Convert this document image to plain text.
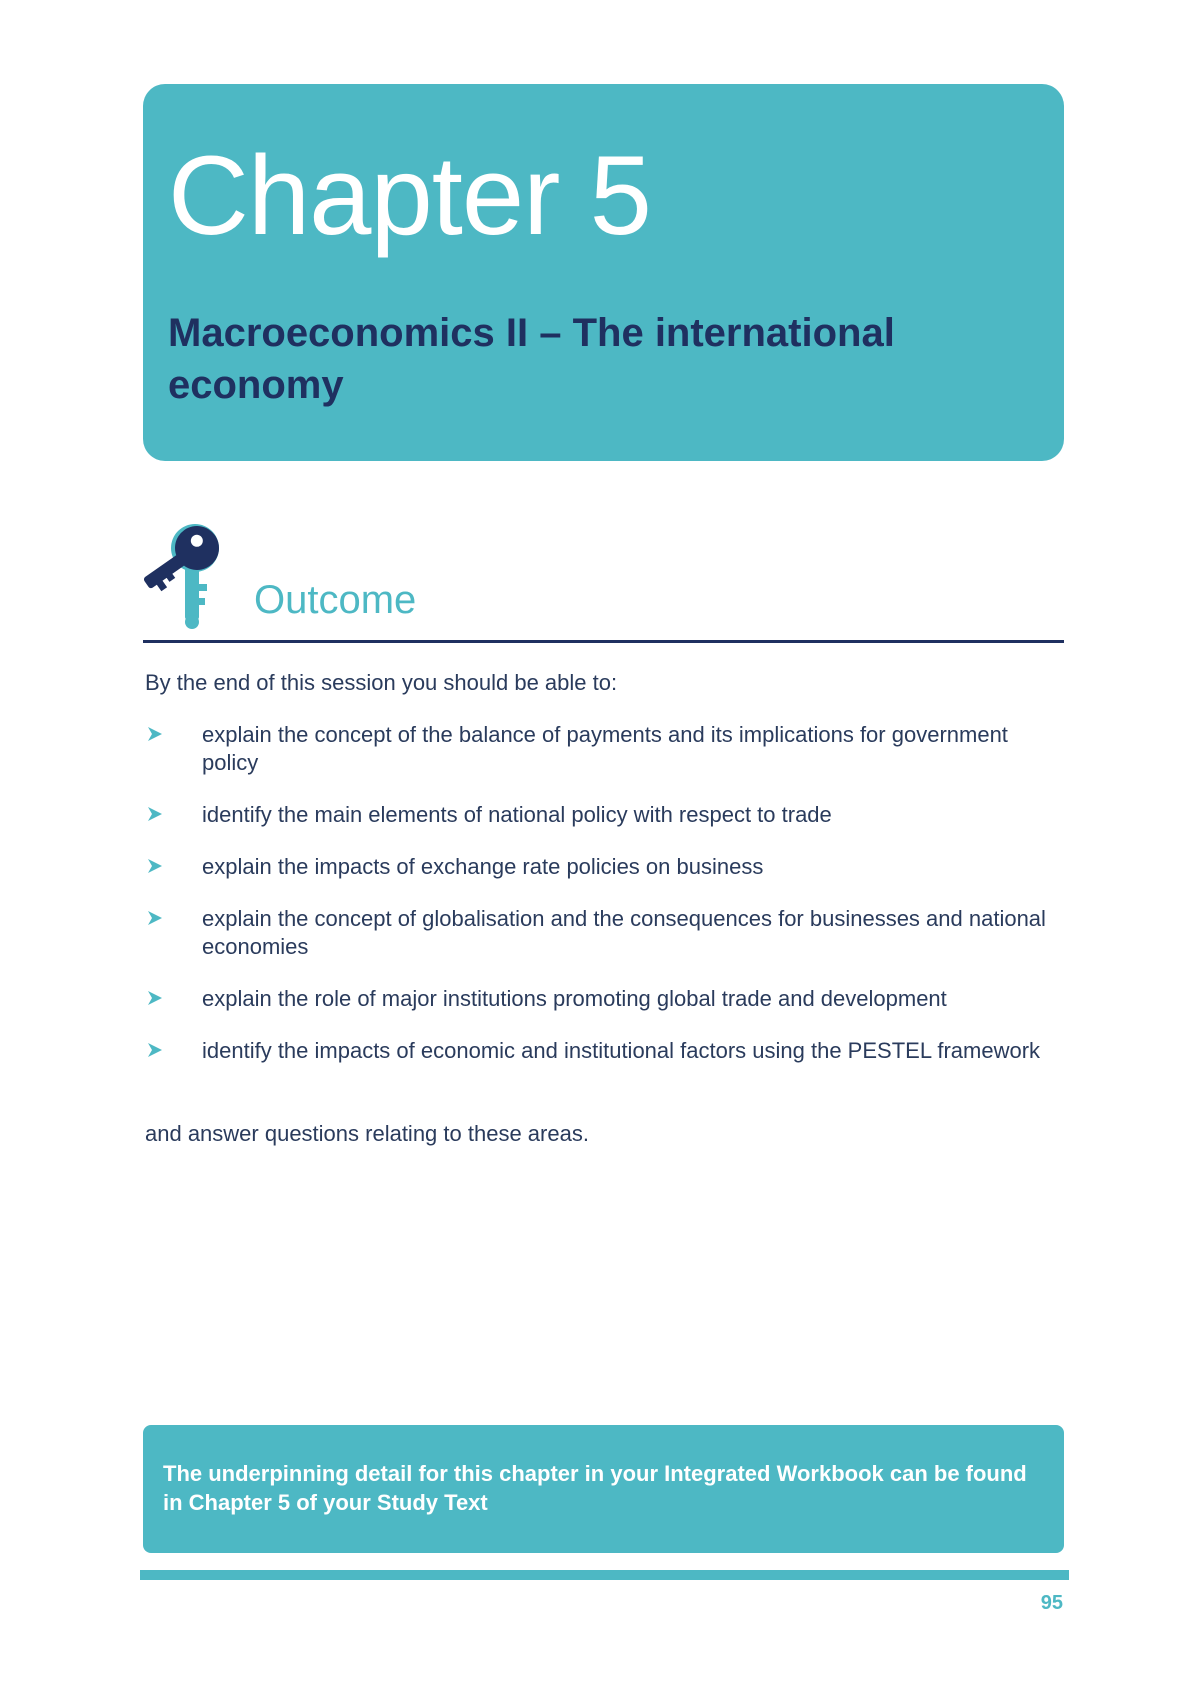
Chapter 5
Macroeconomics II – The international economy
Outcome

By the end of this session you should be able to:

explain the concept of the balance of payments and its implications for government policy
identify the main elements of national policy with respect to trade
explain the impacts of exchange rate policies on business
explain the concept of globalisation and the consequences for businesses and national economies
explain the role of major institutions promoting global trade and development
identify the impacts of economic and institutional factors using the PESTEL framework

and answer questions relating to these areas.

The underpinning detail for this chapter in your Integrated Workbook can be found in Chapter 5 of your Study Text

95
